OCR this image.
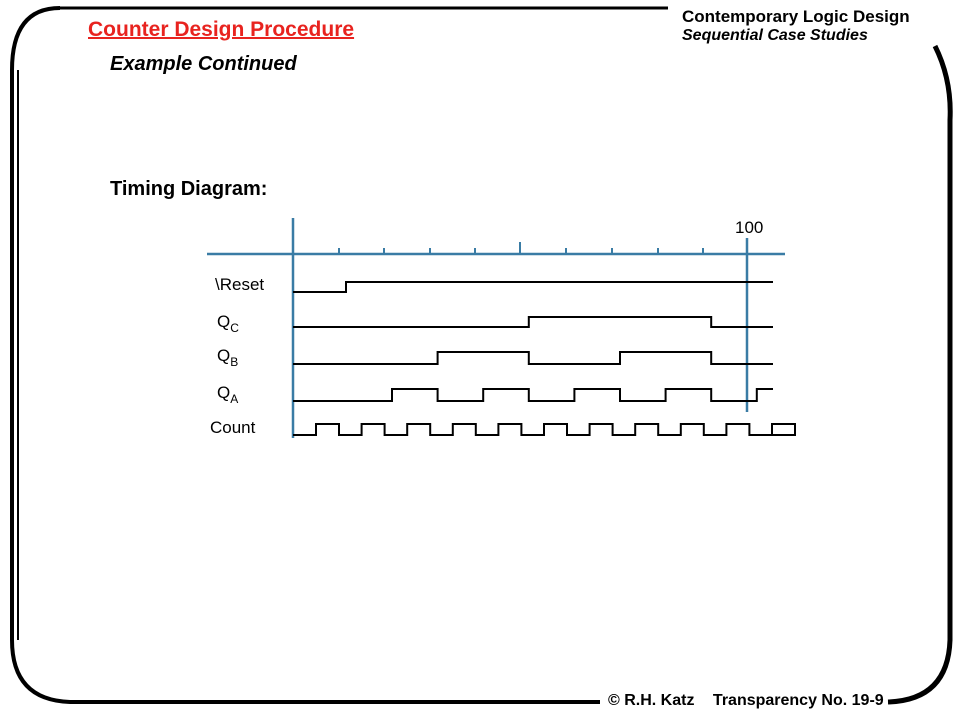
Counter Design Procedure
Example Continued
Contemporary Logic Design
Sequential Case Studies
Timing Diagram:
100
\Reset
$Q_C$
$Q_B$
$Q_A$
Count
© R.H. Katz Transparency No. 19-9
